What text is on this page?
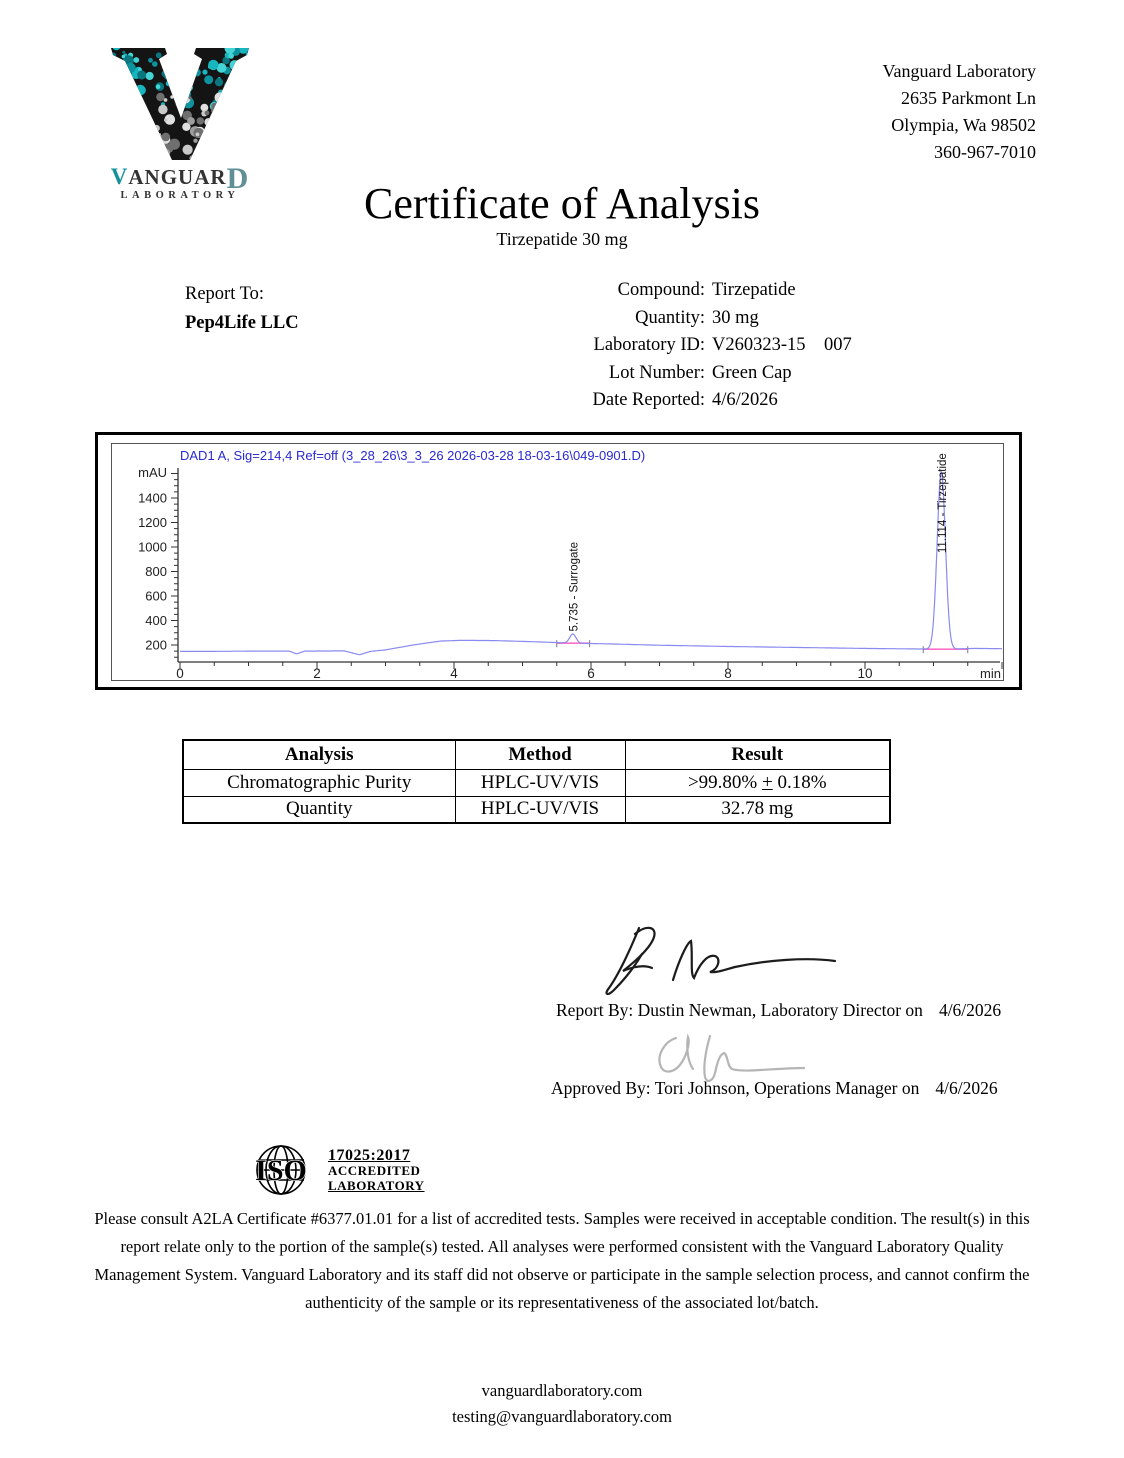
VANGUARD
LABORATORY
Vanguard Laboratory
2635 Parkmont Ln
Olympia, Wa 98502
360-967-7010
Certificate of Analysis
Tirzepatide 30 mg
Report To:
Pep4Life LLC
Compound: Tirzepatide
Quantity: 30 mg
Laboratory ID: V260323-15    007
Lot Number: Green Cap
Date Reported: 4/6/2026
DAD1 A, Sig=214,4 Ref=off (3_28_26\3_3_26 2026-03-28 18-03-16\049-0901.D)
200
400
600
800
1000
1200
1400
mAU
0	2	4	6	8	10	min
5.735 - Surrogate
11.114 - Tirzepatide
Analysis	Method	Result
Chromatographic Purity	HPLC-UV/VIS	>99.80% + 0.18%
Quantity	HPLC-UV/VIS	32.78 mg
Report By: Dustin Newman, Laboratory Director on 4/6/2026
Approved By: Tori Johnson, Operations Manager on 4/6/2026
ISO 17025:2017
ACCREDITED
LABORATORY
Please consult A2LA Certificate #6377.01.01 for a list of accredited tests. Samples were received in acceptable condition. The result(s) in this report relate only to the portion of the sample(s) tested. All analyses were performed consistent with the Vanguard Laboratory Quality Management System. Vanguard Laboratory and its staff did not observe or participate in the sample selection process, and cannot confirm the authenticity of the sample or its representativeness of the associated lot/batch.
vanguardlaboratory.com
testing@vanguardlaboratory.com
